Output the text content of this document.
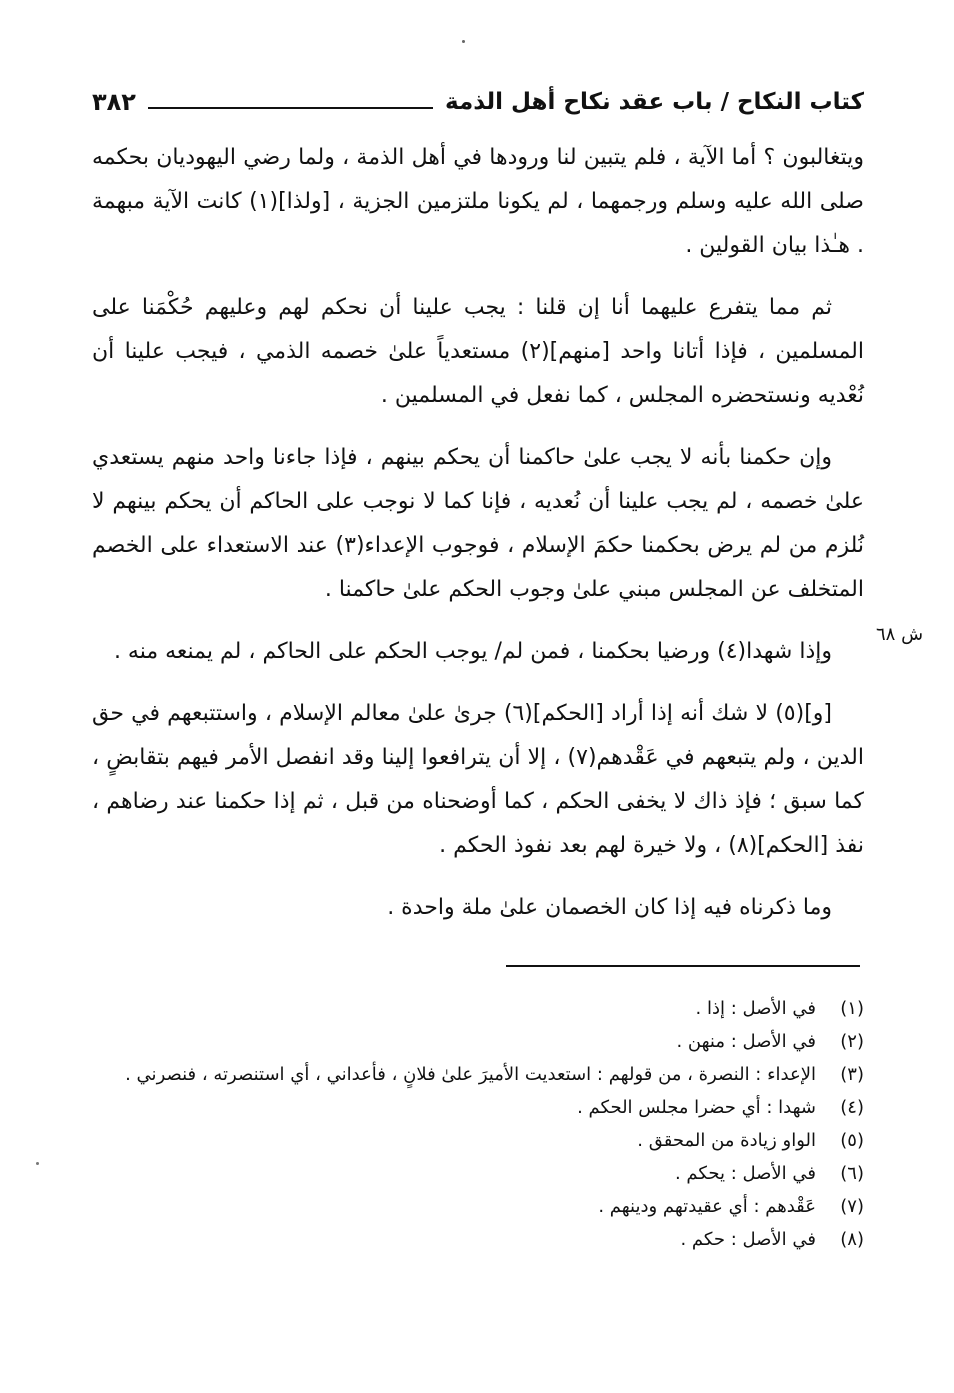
٣٨٢	كتاب النكاح / باب عقد نكاح أهل الذمة

ويتغالبون ؟ أما الآية ، فلم يتبين لنا ورودها في أهل الذمة ، ولما رضي اليهوديان بحكمه صلى الله عليه وسلم ورجمهما ، لم يكونا ملتزمين الجزية ، [ولذا](١) كانت الآية مبهمة . هـٰذا بيان القولين .

ثم مما يتفرع عليهما أنا إن قلنا : يجب علينا أن نحكم لهم وعليهم حُكْمَنا على المسلمين ، فإذا أتانا واحد [منهم](٢) مستعدياً علىٰ خصمه الذمي ، فيجب علينا أن نُعْديه ونستحضره المجلس ، كما نفعل في المسلمين .

وإن حكمنا بأنه لا يجب علىٰ حاكمنا أن يحكم بينهم ، فإذا جاءنا واحد منهم يستعدي علىٰ خصمه ، لم يجب علينا أن نُعديه ، فإنا كما لا نوجب على الحاكم أن يحكم بينهم لا نُلزم من لم يرض بحكمنا حكمَ الإسلام ، فوجوب الإعداء(٣) عند الاستعداء على الخصم المتخلف عن المجلس مبني علىٰ وجوب الحكم علىٰ حاكمنا .

وإذا شهدا(٤) ورضيا بحكمنا ، فمن لم/ يوجب الحكم على الحاكم ، لم يمنعه منه .

[و](٥) لا شك أنه إذا أراد [الحكم](٦) جرىٰ علىٰ معالم الإسلام ، واستتبعهم في حق الدين ، ولم يتبعهم في عَقْدهم(٧) ، إلا أن يترافعوا إلينا وقد انفصل الأمر فيهم بتقابضٍ ، كما سبق ؛ فإذ ذاك لا يخفى الحكم ، كما أوضحناه من قبل ، ثم إذا حكمنا عند رضاهم ، نفذ [الحكم](٨) ، ولا خيرة لهم بعد نفوذ الحكم .

وما ذكرناه فيه إذا كان الخصمان علىٰ ملة واحدة .

ش ٦٨
(١)
في الأصل : إذا .
(٢)
في الأصل : منهن .
(٣)
الإعداء : النصرة ، من قولهم : استعديت الأميرَ علىٰ فلانٍ ، فأعداني ، أي استنصرته ، فنصرني .
(٤)
شهدا : أي حضرا مجلس الحكم .
(٥)
الواو زيادة من المحقق .
(٦)
في الأصل : يحكم .
(٧)
عَقْدهم : أي عقيدتهم ودينهم .
(٨)
في الأصل : حكم .
